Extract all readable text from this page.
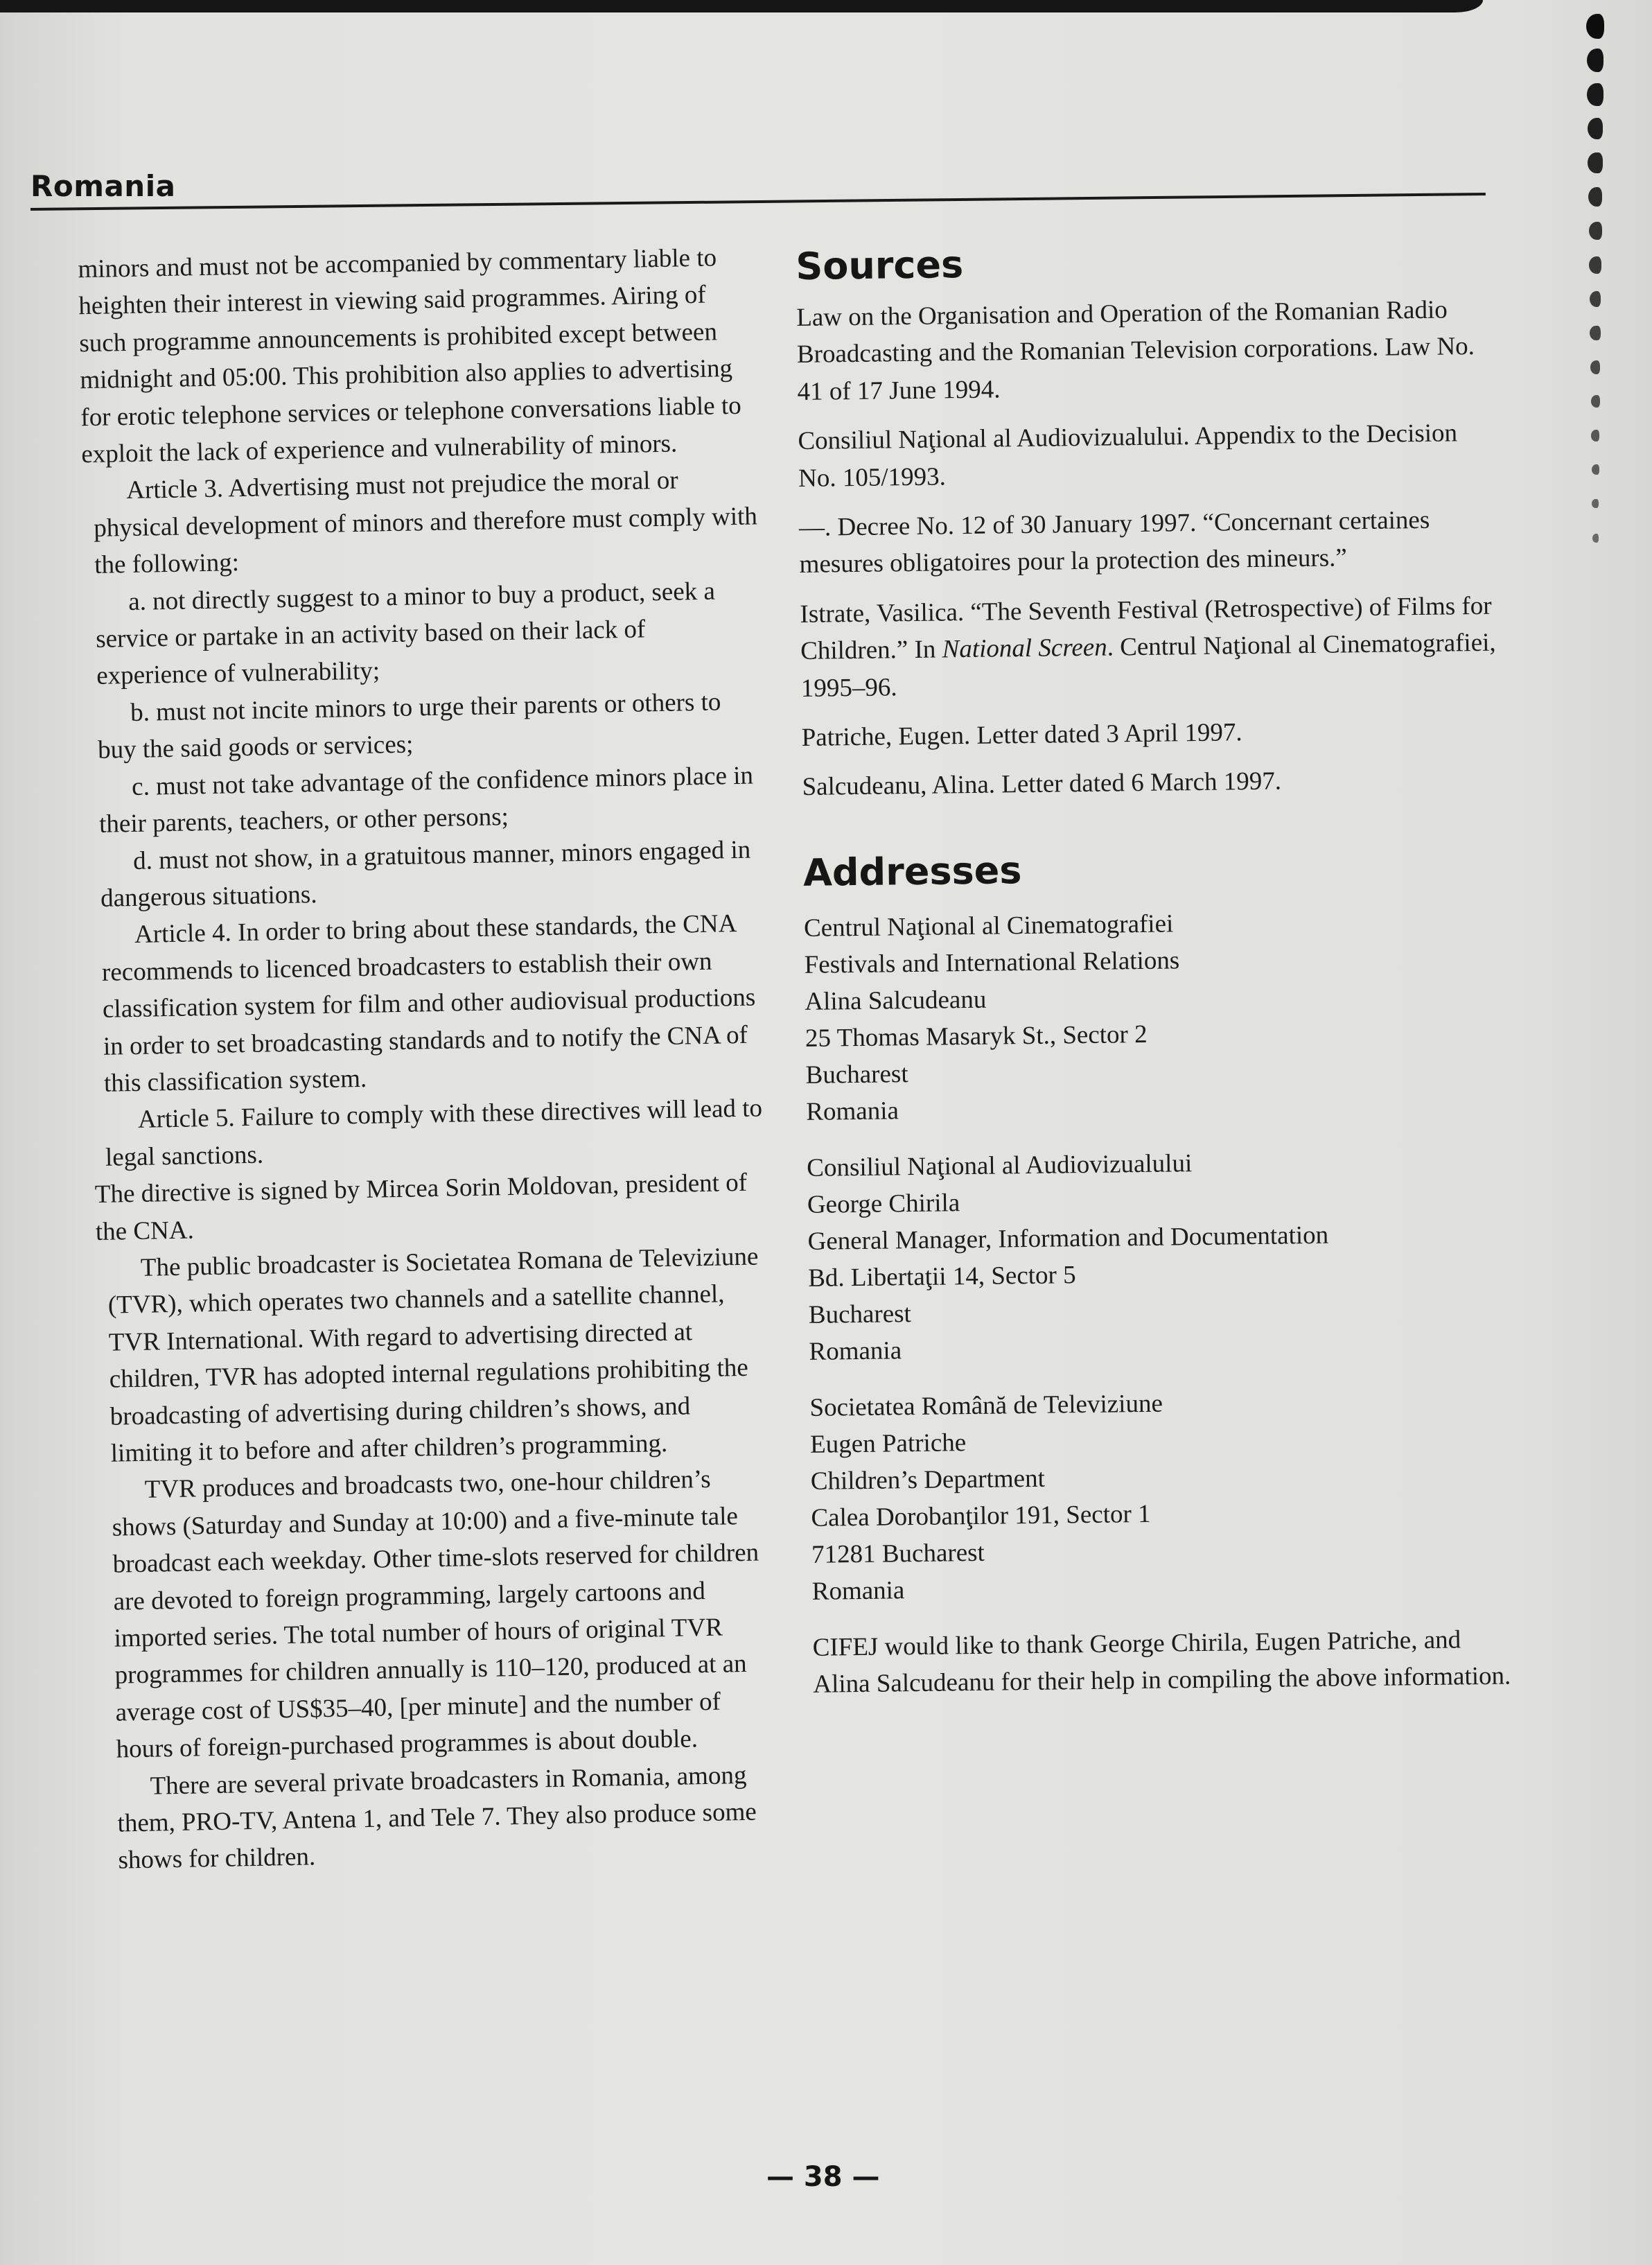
Romania

minors and must not be accompanied by commentary liable to heighten their interest in viewing said programmes. Airing of such programme announcements is prohibited except between midnight and 05:00. This prohibition also applies to advertising for erotic telephone services or telephone conversations liable to exploit the lack of experience and vulnerability of minors.

Article 3. Advertising must not prejudice the moral or physical development of minors and therefore must comply with the following:

a. not directly suggest to a minor to buy a product, seek a service or partake in an activity based on their lack of experience of vulnerability;

b. must not incite minors to urge their parents or others to buy the said goods or services;

c. must not take advantage of the confidence minors place in their parents, teachers, or other persons;

d. must not show, in a gratuitous manner, minors engaged in dangerous situations.

Article 4. In order to bring about these standards, the CNA recommends to licenced broadcasters to establish their own classification system for film and other audiovisual productions in order to set broadcasting standards and to notify the CNA of this classification system.

Article 5. Failure to comply with these directives will lead to legal sanctions.

The directive is signed by Mircea Sorin Moldovan, president of the CNA.

The public broadcaster is Societatea Romana de Televiziune (TVR), which operates two channels and a satellite channel, TVR International. With regard to advertising directed at children, TVR has adopted internal regulations prohibiting the broadcasting of advertising during children’s shows, and limiting it to before and after children’s programming.

TVR produces and broadcasts two, one-hour children’s shows (Saturday and Sunday at 10:00) and a five-minute tale broadcast each weekday. Other time-slots reserved for children are devoted to foreign programming, largely cartoons and imported series. The total number of hours of original TVR programmes for children annually is 110–120, produced at an average cost of US$35–40, [per minute] and the number of hours of foreign-purchased programmes is about double.

There are several private broadcasters in Romania, among them, PRO-TV, Antena 1, and Tele 7. They also produce some shows for children.

Sources

Law on the Organisation and Operation of the Romanian Radio Broadcasting and the Romanian Television corporations. Law No. 41 of 17 June 1994.

Consiliul Naţional al Audiovizualului. Appendix to the Decision No. 105/1993.

—. Decree No. 12 of 30 January 1997. “Concernant certaines mesures obligatoires pour la protection des mineurs.”

Istrate, Vasilica. “The Seventh Festival (Retrospective) of Films for Children.” In National Screen. Centrul Naţional al Cinematografiei, 1995–96.

Patriche, Eugen. Letter dated 3 April 1997.

Salcudeanu, Alina. Letter dated 6 March 1997.

Addresses
Centrul Naţional al Cinematografiei
Festivals and International Relations
Alina Salcudeanu
25 Thomas Masaryk St., Sector 2
Bucharest
Romania
Consiliul Naţional al Audiovizualului
George Chirila
General Manager, Information and Documentation
Bd. Libertaţii 14, Sector 5
Bucharest
Romania
Societatea Română de Televiziune
Eugen Patriche
Children’s Department
Calea Dorobanţilor 191, Sector 1
71281 Bucharest
Romania

CIFEJ would like to thank George Chirila, Eugen Patriche, and Alina Salcudeanu for their help in compiling the above information.

— 38 —
